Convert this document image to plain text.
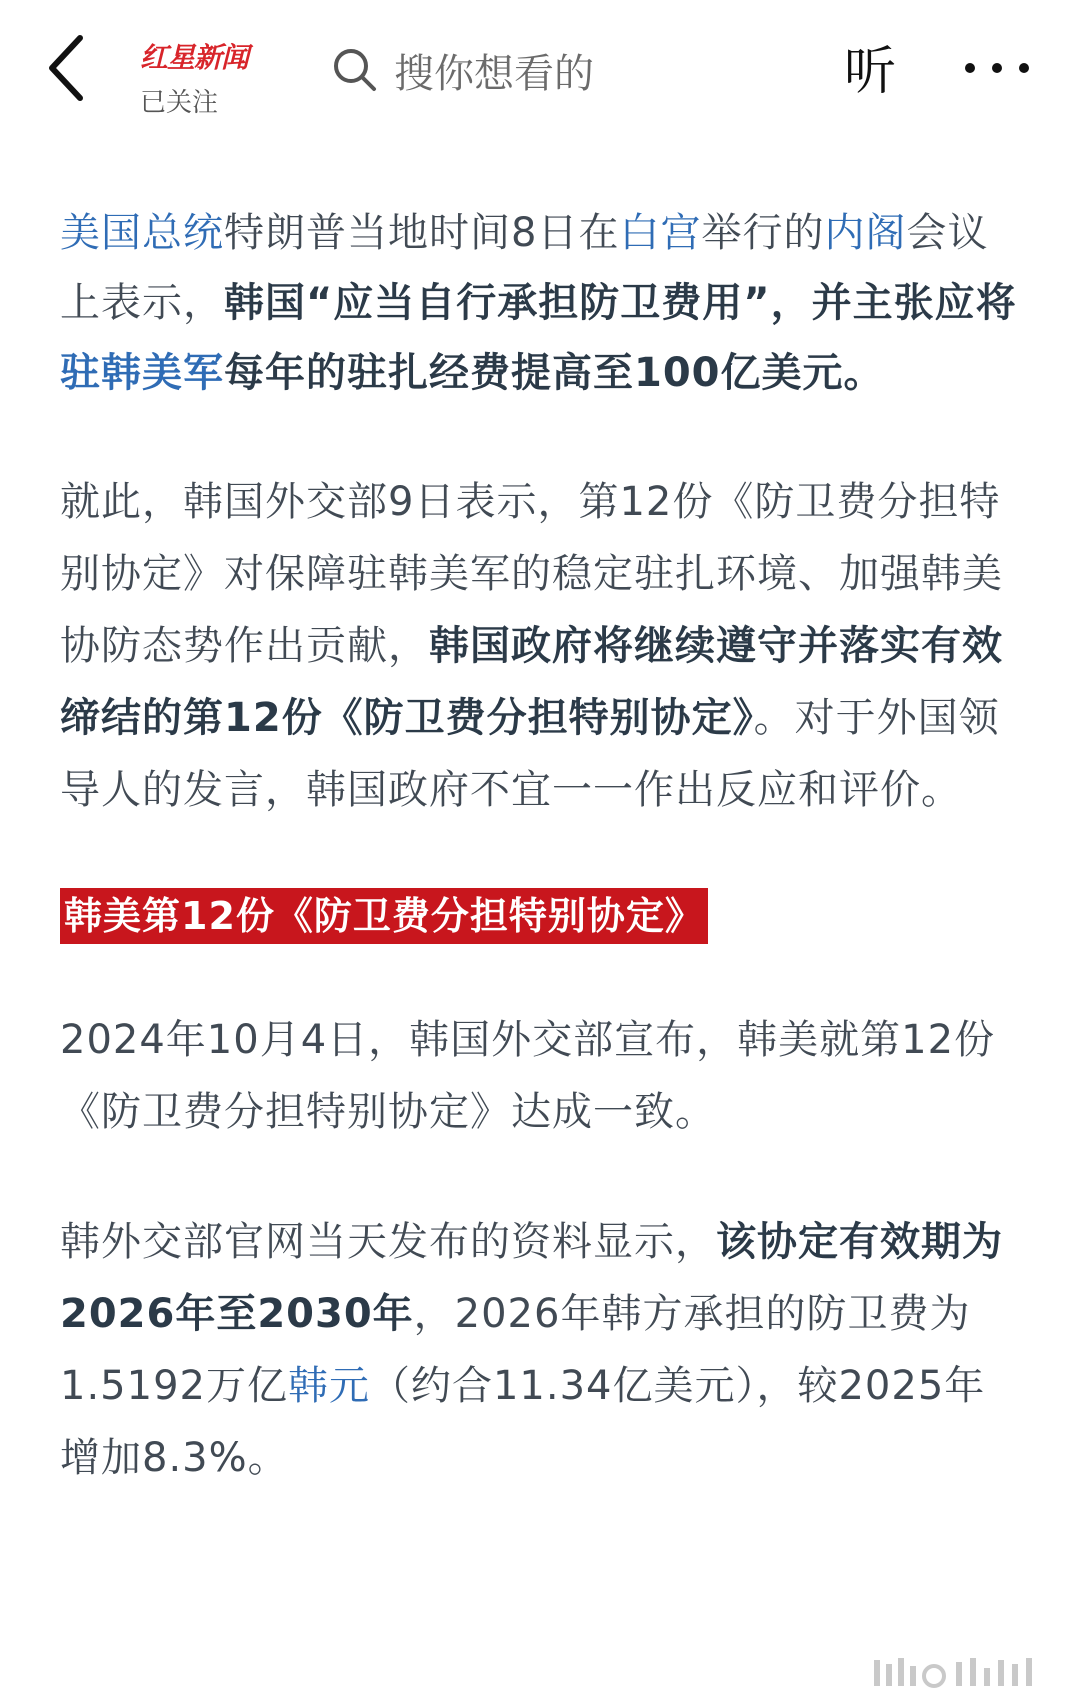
红星新闻
已关注
搜你想看的	听

美国总统特朗普当地时间8日在白宫举行的内阁会议上表示，韩国“应当自行承担防卫费用”，并主张应将驻韩美军每年的驻扎经费提高至100亿美元。

就此，韩国外交部9日表示，第12份《防卫费分担特别协定》对保障驻韩美军的稳定驻扎环境、加强韩美协防态势作出贡献，韩国政府将继续遵守并落实有效缔结的第12份《防卫费分担特别协定》。对于外国领导人的发言，韩国政府不宜一一作出反应和评价。

韩美第12份《防卫费分担特别协定》

2024年10月4日，韩国外交部宣布，韩美就第12份《防卫费分担特别协定》达成一致。

韩外交部官网当天发布的资料显示，该协定有效期为2026年至2030年，2026年韩方承担的防卫费为1.5192万亿韩元（约合11.34亿美元），较2025年增加8.3%。
